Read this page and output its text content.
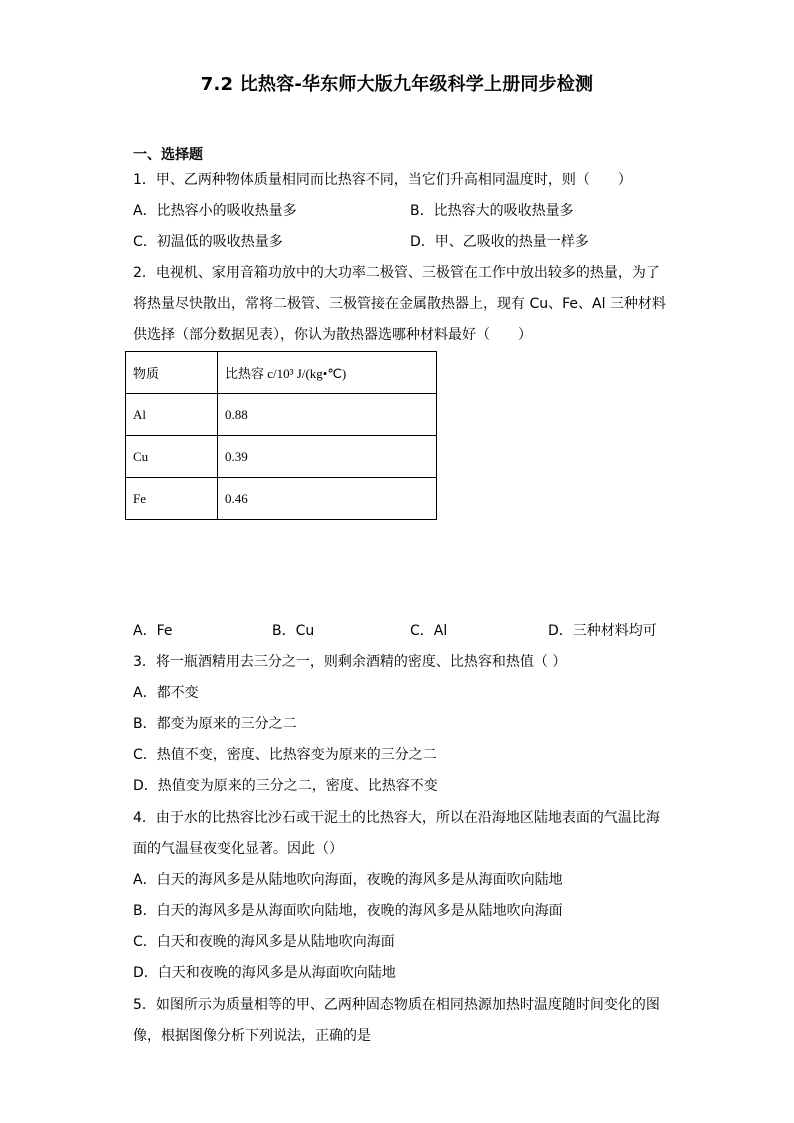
7.2 比热容-华东师大版九年级科学上册同步检测
一、选择题
1．甲、乙两种物体质量相同而比热容不同，当它们升高相同温度时，则（　　）
A．比热容小的吸收热量多	B．比热容大的吸收热量多
C．初温低的吸收热量多	D．甲、乙吸收的热量一样多
2．电视机、家用音箱功放中的大功率二极管、三极管在工作中放出较多的热量，为了
将热量尽快散出，常将二极管、三极管接在金属散热器上，现有 Cu、Fe、Al 三种材料
供选择（部分数据见表），你认为散热器选哪种材料最好（　　）
物质	比热容 c/10³ J/(kg•℃)
Al	0.88
Cu	0.39
Fe	0.46
A．Fe	B．Cu	C．Al	D．三种材料均可
3．将一瓶酒精用去三分之一，则剩余酒精的密度、比热容和热值（ ）
A．都不变
B．都变为原来的三分之二
C．热值不变，密度、比热容变为原来的三分之二
D．热值变为原来的三分之二，密度、比热容不变
4．由于水的比热容比沙石或干泥土的比热容大，所以在沿海地区陆地表面的气温比海
面的气温昼夜变化显著。因此（）
A．白天的海风多是从陆地吹向海面，夜晚的海风多是从海面吹向陆地
B．白天的海风多是从海面吹向陆地，夜晚的海风多是从陆地吹向海面
C．白天和夜晚的海风多是从陆地吹向海面
D．白天和夜晚的海风多是从海面吹向陆地
5．如图所示为质量相等的甲、乙两种固态物质在相同热源加热时温度随时间变化的图
像，根据图像分析下列说法，正确的是
